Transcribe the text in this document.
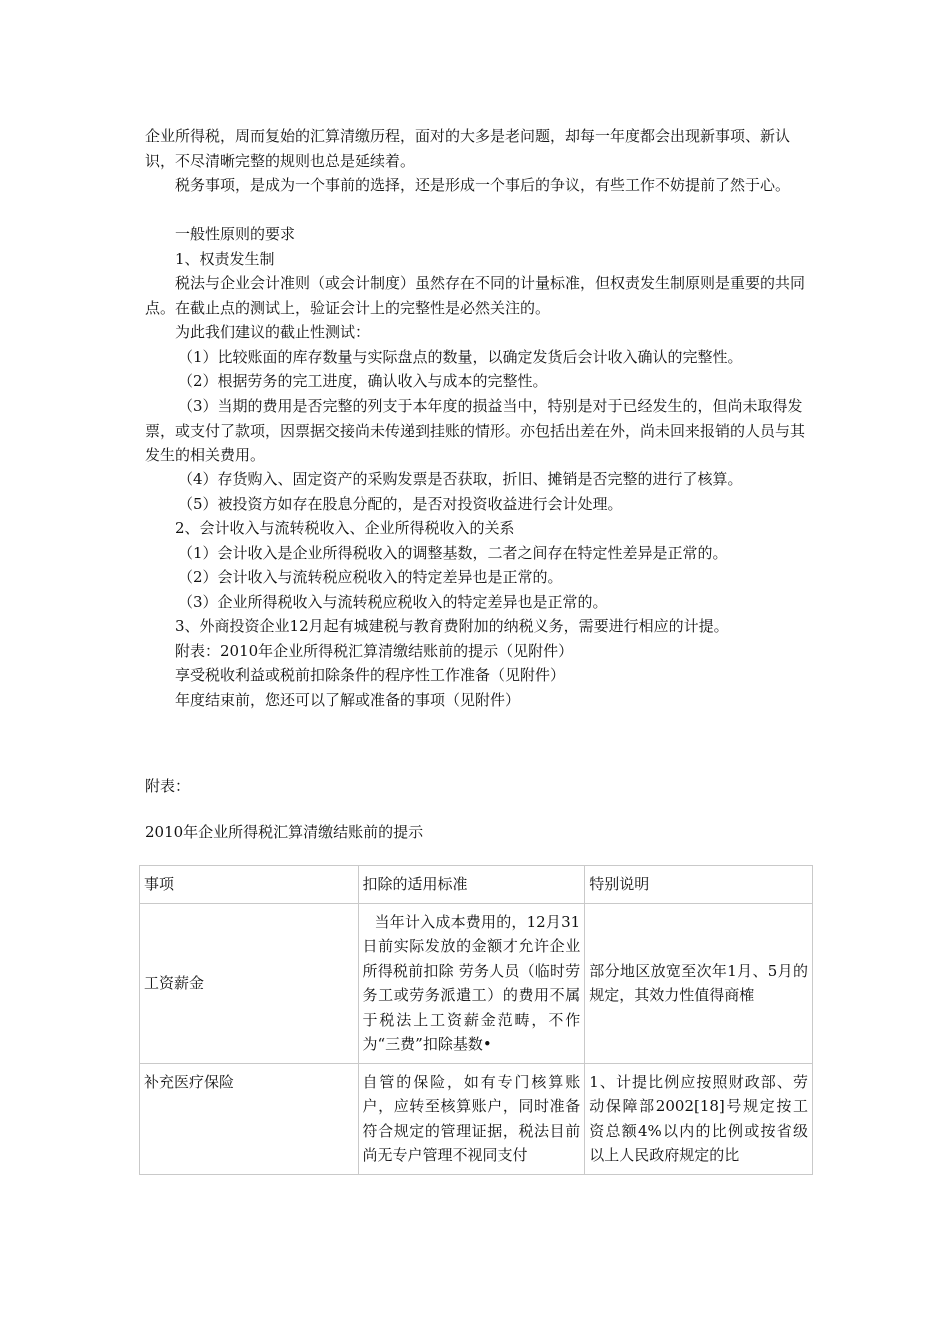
企业所得税，周而复始的汇算清缴历程，面对的大多是老问题，却每一年度都会出现新事项、新认识，不尽清晰完整的规则也总是延续着。

税务事项，是成为一个事前的选择，还是形成一个事后的争议，有些工作不妨提前了然于心。

一般性原则的要求

1、权责发生制

税法与企业会计准则（或会计制度）虽然存在不同的计量标准，但权责发生制原则是重要的共同点。在截止点的测试上，验证会计上的完整性是必然关注的。

为此我们建议的截止性测试：

（1）比较账面的库存数量与实际盘点的数量，以确定发货后会计收入确认的完整性。

（2）根据劳务的完工进度，确认收入与成本的完整性。

（3）当期的费用是否完整的列支于本年度的损益当中，特别是对于已经发生的，但尚未取得发票，或支付了款项，因票据交接尚未传递到挂账的情形。亦包括出差在外，尚未回来报销的人员与其发生的相关费用。

（4）存货购入、固定资产的采购发票是否获取，折旧、摊销是否完整的进行了核算。

（5）被投资方如存在股息分配的，是否对投资收益进行会计处理。

2、会计收入与流转税收入、企业所得税收入的关系

（1）会计收入是企业所得税收入的调整基数，二者之间存在特定性差异是正常的。

（2）会计收入与流转税应税收入的特定差异也是正常的。

（3）企业所得税收入与流转税应税收入的特定差异也是正常的。

3、外商投资企业12月起有城建税与教育费附加的纳税义务，需要进行相应的计提。

附表：2010年企业所得税汇算清缴结账前的提示（见附件）

享受税收利益或税前扣除条件的程序性工作准备（见附件）

年度结束前，您还可以了解或准备的事项（见附件）

附表：

2010年企业所得税汇算清缴结账前的提示

事项	扣除的适用标准	特别说明
工资薪金	当年计入成本费用的，12月31日前实际发放的金额才允许企业所得税前扣除 劳务人员（临时劳务工或劳务派遣工）的费用不属于税法上工资薪金范畴，不作为“三费”扣除基数•	部分地区放宽至次年1月、5月的规定，其效力性值得商榷
补充医疗保险	自管的保险，如有专门核算账户，应转至核算账户，同时准备符合规定的管理证据，税法目前尚无专户管理不视同支付	1、计提比例应按照财政部、劳动保障部2002[18]号规定按工资总额4%以内的比例或按省级以上人民政府规定的比
